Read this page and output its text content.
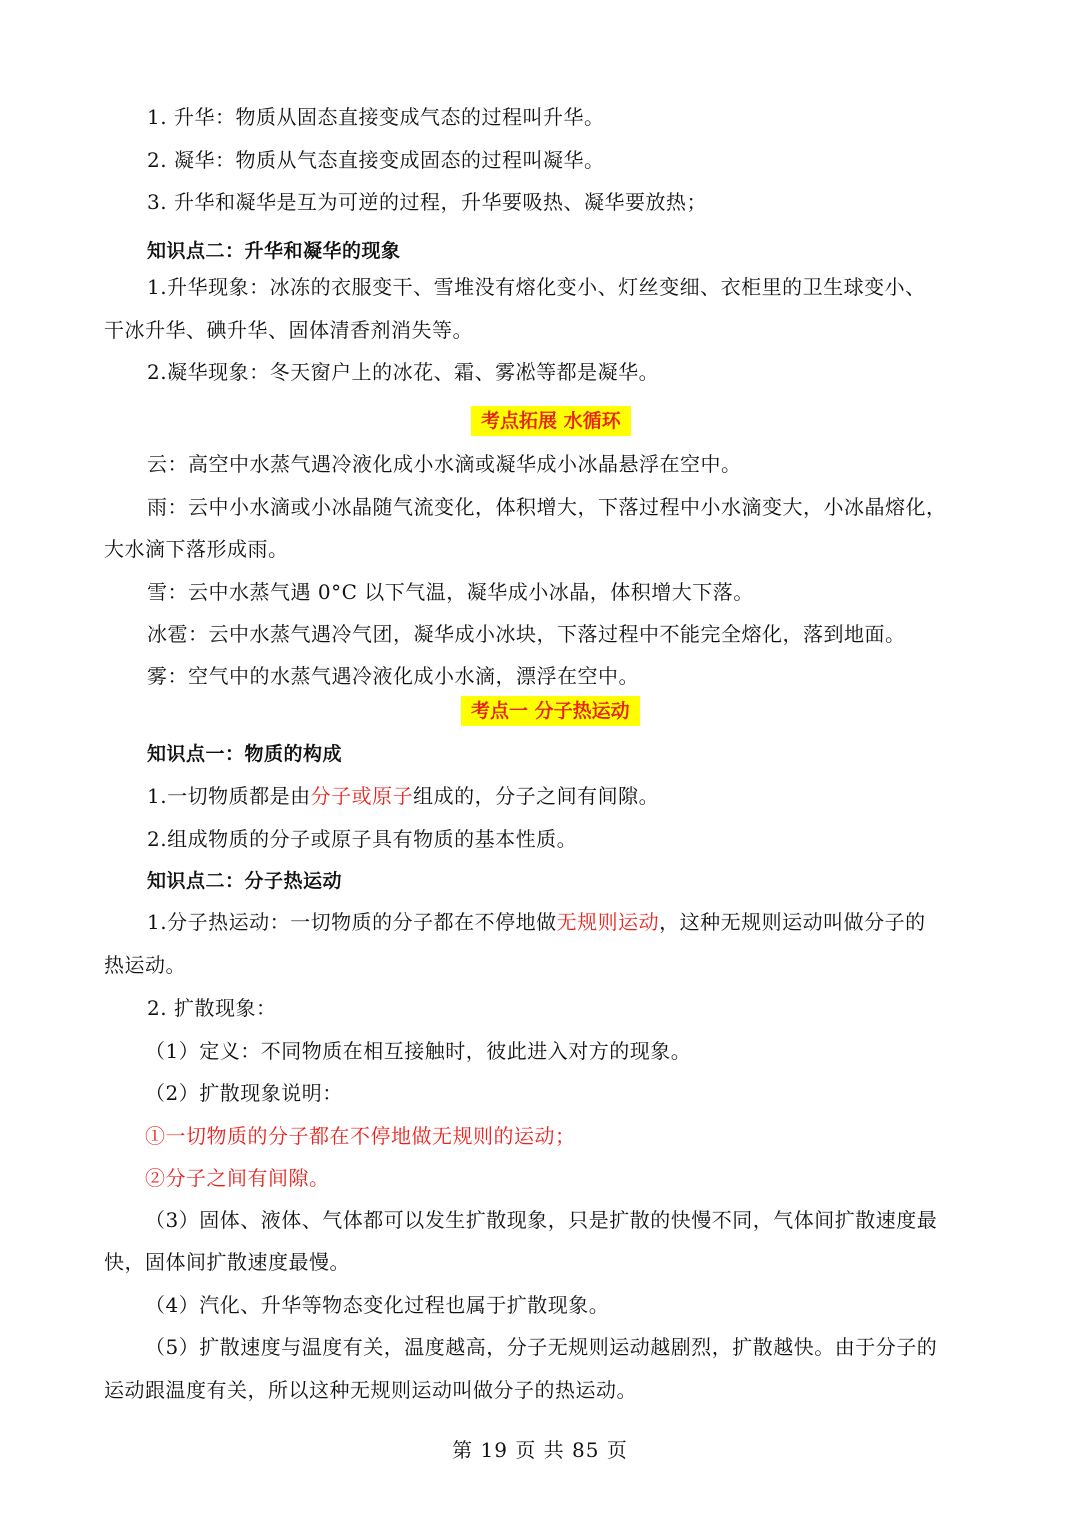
1. 升华：物质从固态直接变成气态的过程叫升华。
2. 凝华：物质从气态直接变成固态的过程叫凝华。
3. 升华和凝华是互为可逆的过程，升华要吸热、凝华要放热；
知识点二：升华和凝华的现象
1.升华现象：冰冻的衣服变干、雪堆没有熔化变小、灯丝变细、衣柜里的卫生球变小、
干冰升华、碘升华、固体清香剂消失等。
2.凝华现象：冬天窗户上的冰花、霜、雾凇等都是凝华。
考点拓展 水循环
云：高空中水蒸气遇冷液化成小水滴或凝华成小冰晶悬浮在空中。
雨：云中小水滴或小冰晶随气流变化，体积增大，下落过程中小水滴变大，小冰晶熔化，
大水滴下落形成雨。
雪：云中水蒸气遇 0°C 以下气温，凝华成小冰晶，体积增大下落。
冰雹：云中水蒸气遇冷气团，凝华成小冰块，下落过程中不能完全熔化，落到地面。
雾：空气中的水蒸气遇冷液化成小水滴，漂浮在空中。
考点一 分子热运动
知识点一：物质的构成
1.一切物质都是由分子或原子组成的，分子之间有间隙。
2.组成物质的分子或原子具有物质的基本性质。
知识点二：分子热运动
1.分子热运动：一切物质的分子都在不停地做无规则运动，这种无规则运动叫做分子的
热运动。
2. 扩散现象：
（1）定义：不同物质在相互接触时，彼此进入对方的现象。
（2）扩散现象说明：
①一切物质的分子都在不停地做无规则的运动；
②分子之间有间隙。
（3）固体、液体、气体都可以发生扩散现象，只是扩散的快慢不同，气体间扩散速度最
快，固体间扩散速度最慢。
（4）汽化、升华等物态变化过程也属于扩散现象。
（5）扩散速度与温度有关，温度越高，分子无规则运动越剧烈，扩散越快。由于分子的
运动跟温度有关，所以这种无规则运动叫做分子的热运动。
第 19 页 共 85 页
